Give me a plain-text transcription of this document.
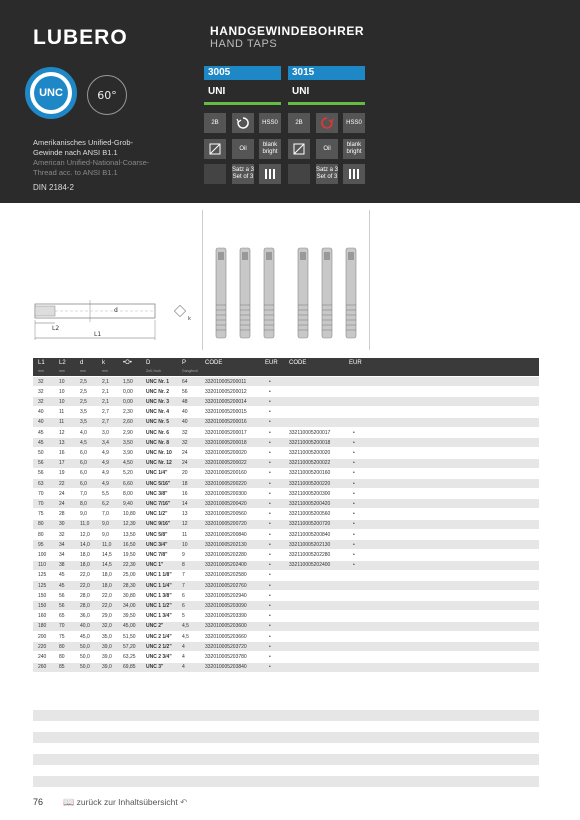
LUBERO	HANDGEWINDEBOHRER
HAND TAPS
UNC	60°
Amerikanisches Unified-Grob-
Gewinde nach ANSI B1.1
American Unified-National-Coarse-
Thread acc. to ANSI B1.1
DIN 2184-2
3005
UNI
2B	HSS0
Oil
blank bright
Satz a 3 Set of 3
3015
UNI
2B	HSS0
Oil
blank bright
Satz a 3 Set of 3
L2
L1
d
k
L1
mm
L2
mm
d
mm
k
mm
•O• D
Zoll / inch
P
Gang/inch
CODE	EUR CODE	EUR
32	10	2,5	2,1	1,50	UNC Nr. 1	64	332010005200011	•
32	10	2,5	2,1	0,00	UNC Nr. 2	56	332010005200012	•
32	10	2,5	2,1	0,00	UNC Nr. 3	48	332010005200014	•
40	11	3,5	2,7	2,30	UNC Nr. 4	40	332010005200015	•
40	11	3,5	2,7	2,60	UNC Nr. 5	40	332010005200016	•
45	12	4,0	3,0	2,90	UNC Nr. 6	32	332010005200017	•	332110005200017	•
45	13	4,5	3,4	3,50	UNC Nr. 8	32	332010005200018	•	332110005200018	•
50	16	6,0	4,9	3,90	UNC Nr. 10 24	332010005200020	•	332110005200020	•
56	17	6,0	4,9	4,50	UNC Nr. 12 24	332010005200022	•	332110005200022	•
56	19	6,0	4,9	5,20	UNC 1/4"	20	332010005200160	•	332110005200160	•
63	22	6,0	4,9	6,60	UNC 5/16" 18	332010005200220	•	332110005200220	•
70	24	7,0	5,5	8,00	UNC 3/8"	16	332010005200300	•	332110005200300	•
70	24	8,0	6,2	9,40	UNC 7/16" 14	332010005200420	•	332110005200420	•
75	28	9,0	7,0	10,80 UNC 1/2"	13	332010005200560	•	332110005200560	•
80	30	11,0	9,0	12,30 UNC 9/16" 12	332010005200720	•	332110005200720	•
80	32	12,0 9,0	13,50 UNC 5/8"	11	332010005200840	•	332110005200840	•
95	34	14,0 11,0 16,50 UNC 3/4"	10	332010005202130	•	332110005202130	•
100	34	18,0 14,5 19,50 UNC 7/8"	9	332010005202280	•	332110005202280	•
110	38	18,0 14,5 22,30 UNC 1"	8	332010005202400	•	332110005202400	•
125	45	22,0 18,0 25,00 UNC 1 1/8" 7	332010005202580	•
125	45	22,0 18,0 28,30 UNC 1 1/4" 7	332010005202760	•
150	56	28,0 22,0 30,80 UNC 1 3/8" 6	332010005202940	•
150	56	28,0 22,0 34,00 UNC 1 1/2" 6	332010005203090	•
160	65	36,0 29,0 39,50 UNC 1 3/4" 5	332010005203390	•
180	70	40,0 32,0 45,00 UNC 2"	4,5	332010005203600	•
200	75	45,0 35,0 51,50 UNC 2 1/4" 4,5	332010005203660	•
220	80	50,0 39,0 57,20 UNC 2 1/2" 4	332010005203720	•
240	80	50,0 39,0 63,25 UNC 2 3/4" 4	332010005203780	•
260	85	50,0 39,0 69,85 UNC 3"	4	332010005203840	•
76 📖 zurück zur Inhaltsübersicht ↶
